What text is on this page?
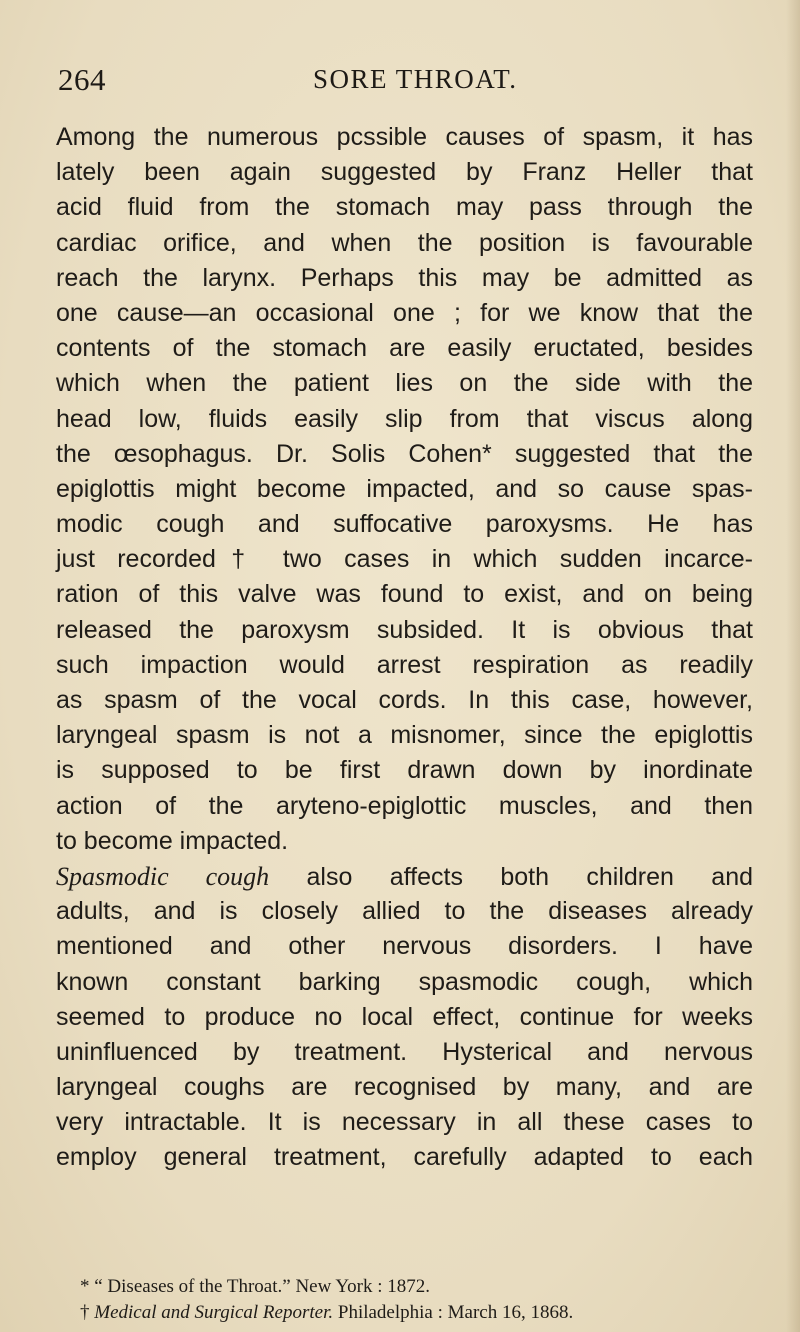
264	SORE THROAT.
Among the numerous pcssible causes of spasm, it has
lately been again suggested by Franz Heller that
acid fluid from the stomach may pass through the
cardiac orifice, and when the position is favourable
reach the larynx. Perhaps this may be admitted as
one cause—an occasional one ; for we know that the
contents of the stomach are easily eructated, besides
which when the patient lies on the side with the
head low, fluids easily slip from that viscus along
the œsophagus. Dr. Solis Cohen* suggested that the
epiglottis might become impacted, and so cause spas-
modic cough and suffocative paroxysms. He has
just recorded† two cases in which sudden incarce-
ration of this valve was found to exist, and on being
released the paroxysm subsided. It is obvious that
such impaction would arrest respiration as readily
as spasm of the vocal cords. In this case, however,
laryngeal spasm is not a misnomer, since the epiglottis
is supposed to be first drawn down by inordinate
action of the aryteno-epiglottic muscles, and then
to become impacted.
Spasmodic cough also affects both children and
adults, and is closely allied to the diseases already
mentioned and other nervous disorders. I have
known constant barking spasmodic cough, which
seemed to produce no local effect, continue for weeks
uninfluenced by treatment. Hysterical and nervous
laryngeal coughs are recognised by many, and are
very intractable. It is necessary in all these cases to
employ general treatment, carefully adapted to each
* “ Diseases of the Throat.” New York : 1872.
† Medical and Surgical Reporter. Philadelphia : March 16, 1868.
